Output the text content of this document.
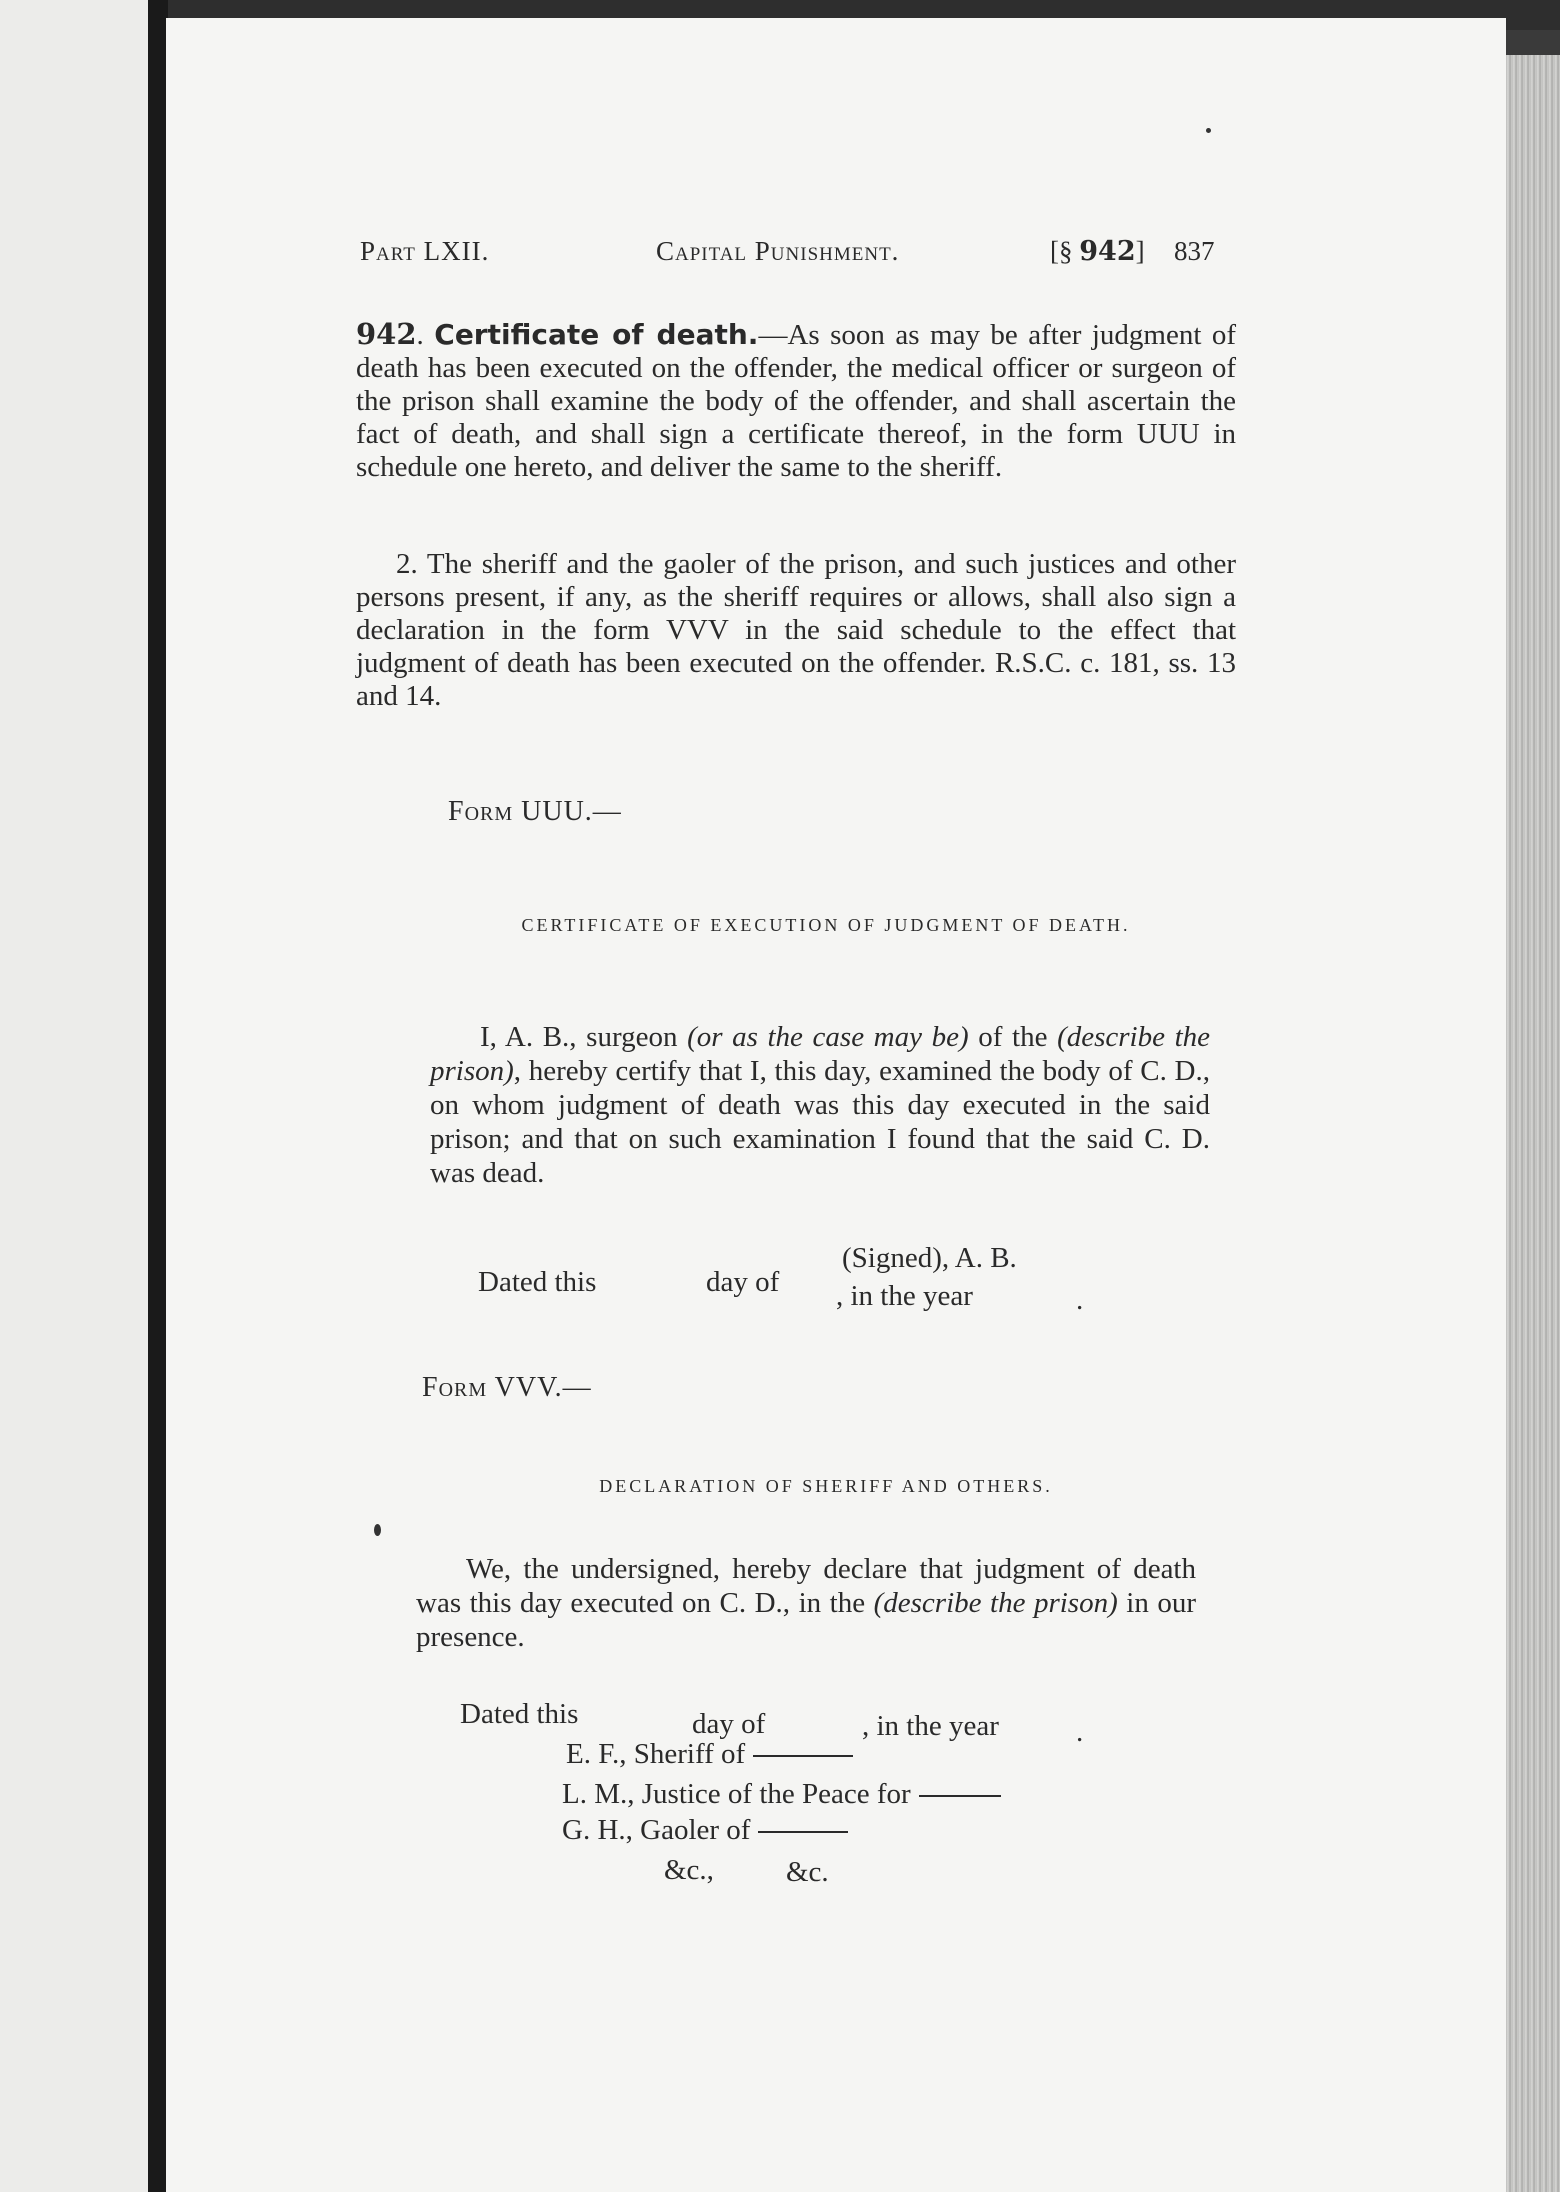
Part LXII.	Capital Punishment.	[§ 942] 837
942. Certificate of death.—As soon as may be after judgment of death has been executed on the offender, the medical officer or surgeon of the prison shall examine the body of the offender, and shall ascertain the fact of death, and shall sign a certificate thereof, in the form UUU in schedule one hereto, and deliver the same to the sheriff.
2. The sheriff and the gaoler of the prison, and such justices and other persons present, if any, as the sheriff requires or allows, shall also sign a declaration in the form VVV in the said schedule to the effect that judgment of death has been executed on the offender. R.S.C. c. 181, ss. 13 and 14.
Form UUU.—
CERTIFICATE OF EXECUTION OF JUDGMENT OF DEATH.
I, A. B., surgeon (or as the case may be) of the (describe the prison), hereby certify that I, this day, examined the body of C. D., on whom judgment of death was this day executed in the said prison; and that on such examination I found that the said C. D. was dead.
(Signed), A. B.
Dated this	day of , in the year	.
Form VVV.—
DECLARATION OF SHERIFF AND OTHERS.
We, the undersigned, hereby declare that judgment of death was this day executed on C. D., in the (describe the prison) in our presence.
Dated this	day of	, in the year	.
E. F., Sheriff of
L. M., Justice of the Peace for
G. H., Gaoler of
&c., &c.
